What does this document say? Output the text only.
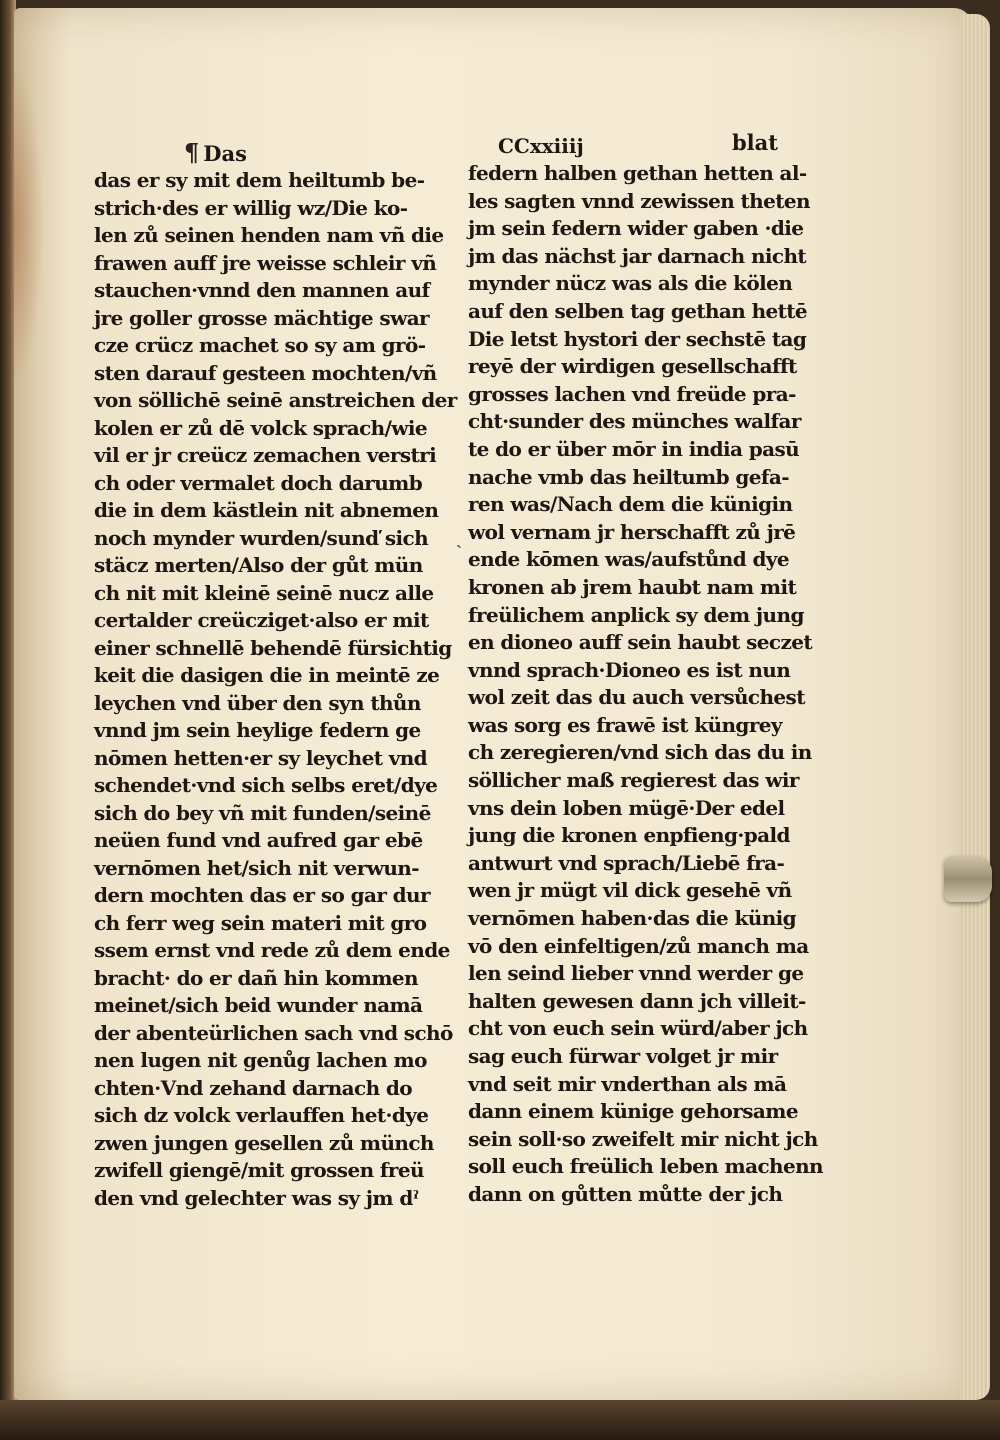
¶ Das	CCxxiiij	blat
ˎ
das er sy mit dem heiltumb be-
strich·des er willig wz/Die ko-
len zů seinen henden nam vñ die
frawen auff jre weisse schleir vñ
stauchen·vnnd den mannen auf
jre goller grosse mächtige swar
cze crücz machet so sy am grö-
sten darauf gesteen mochten/vñ
von söllichē seinē anstreichen der
kolen er zů dē volck sprach/wie
vil er jr creücz zemachen verstri
ch oder vermalet doch darumb
die in dem kästlein nit abnemen
noch mynder wurden/sunď sich
stäcz merten/Also der gůt mün
ch nit mit kleinē seinē nucz alle
certalder creücziget·also er mit
einer schnellē behendē fürsichtig
keit die dasigen die in meintē ze
leychen vnd über den syn thůn
vnnd jm sein heylige federn ge
nōmen hetten·er sy leychet vnd
schendet·vnd sich selbs eret/dye
sich do bey vñ mit funden/seinē
neüen fund vnd aufred gar ebē
vernōmen het/sich nit verwun-
dern mochten das er so gar dur
ch ferr weg sein materi mit gro
ssem ernst vnd rede zů dem ende
bracht· do er dañ hin kommen
meinet/sich beid wunder namā
der abenteürlichen sach vnd schō
nen lugen nit genůg lachen mo
chten·Vnd zehand darnach do
sich dz volck verlauffen het·dye
zwen jungen gesellen zů münch
zwifell giengē/mit grossen freü
den vnd gelechter was sy jm dˀ
federn halben gethan hetten al-
les sagten vnnd zewissen theten
jm sein federn wider gaben ·die
jm das nächst jar darnach nicht
mynder nücz was als die kölen
auf den selben tag gethan hettē
Die letst hystori der sechstē tag
reyē der wirdigen gesellschafft
grosses lachen vnd freüde pra-
cht·sunder des münches walfar
te do er über mōr in india pasū
nache vmb das heiltumb gefa-
ren was/Nach dem die künigin
wol vernam jr herschafft zů jrē
ende kōmen was/aufstůnd dye
kronen ab jrem haubt nam mit
freülichem anplick sy dem jung
en dioneo auff sein haubt seczet
vnnd sprach·Dioneo es ist nun
wol zeit das du auch versůchest
was sorg es frawē ist küngrey
ch zeregieren/vnd sich das du in
söllicher maß regierest das wir
vns dein loben mügē·Der edel
jung die kronen enpfieng·pald
antwurt vnd sprach/Liebē fra-
wen jr mügt vil dick gesehē vñ
vernōmen haben·das die künig
vō den einfeltigen/zů manch ma
len seind lieber vnnd werder ge
halten gewesen dann jch villeit-
cht von euch sein würd/aber jch
sag euch fürwar volget jr mir
vnd seit mir vnderthan als mā
dann einem künige gehorsame
sein soll·so zweifelt mir nicht jch
soll euch freülich leben machenn
dann on gůtten můtte der jch
